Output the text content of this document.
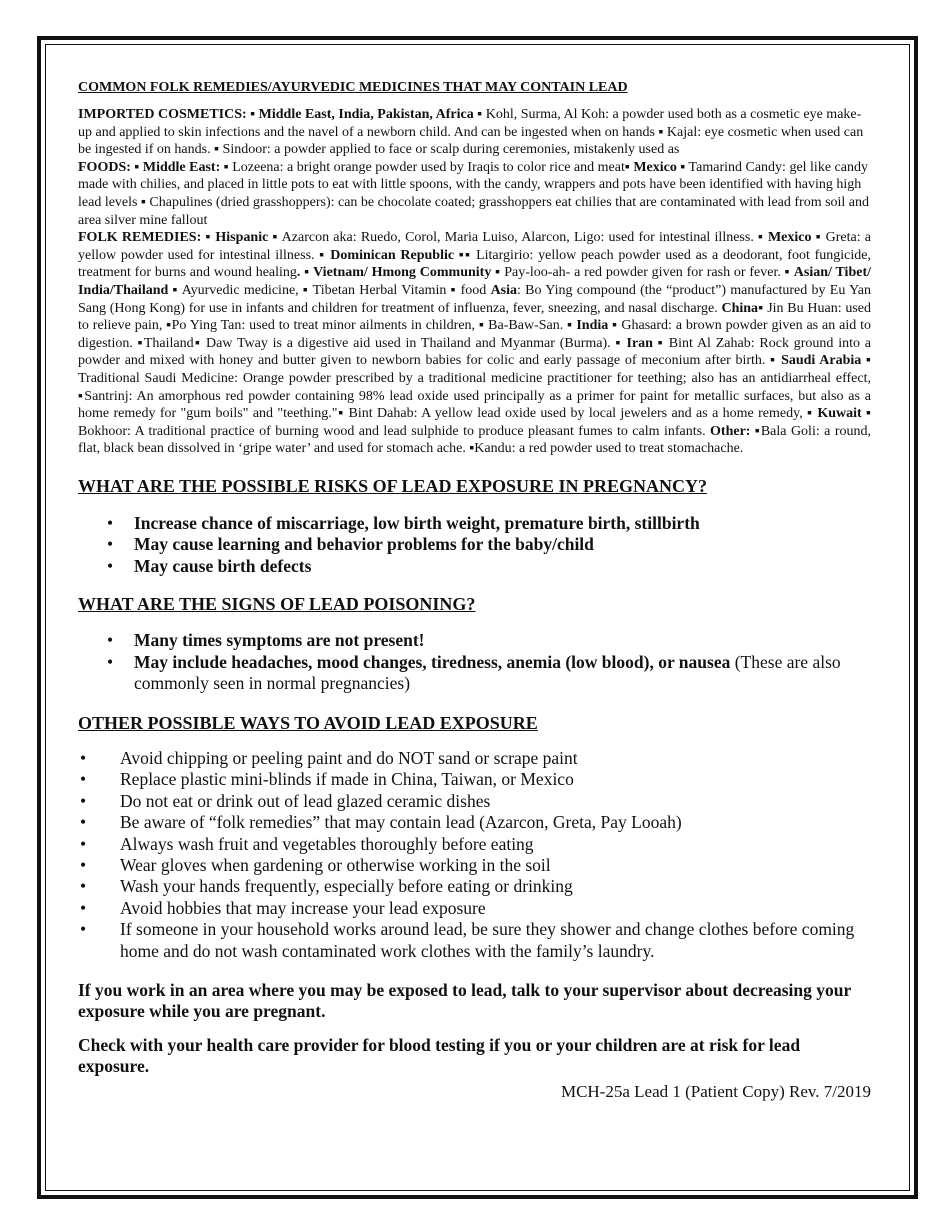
COMMON FOLK REMEDIES/AYURVEDIC MEDICINES THAT MAY CONTAIN LEAD

IMPORTED COSMETICS: ▪ Middle East, India, Pakistan, Africa ▪ Kohl, Surma, Al Koh: a powder used both as a cosmetic eye make-up and applied to skin infections and the navel of a newborn child. And can be ingested when on hands ▪ Kajal: eye cosmetic when used can be ingested if on hands. ▪ Sindoor: a powder applied to face or scalp during ceremonies, mistakenly used as

FOODS: ▪ Middle East: ▪ Lozeena: a bright orange powder used by Iraqis to color rice and meat▪ Mexico ▪ Tamarind Candy: gel like candy made with chilies, and placed in little pots to eat with little spoons, with the candy, wrappers and pots have been identified with having high lead levels ▪ Chapulines (dried grasshoppers): can be chocolate coated; grasshoppers eat chilies that are contaminated with lead from soil and area silver mine fallout

FOLK REMEDIES: ▪ Hispanic ▪ Azarcon aka: Ruedo, Corol, Maria Luiso, Alarcon, Ligo: used for intestinal illness. ▪ Mexico ▪ Greta: a yellow powder used for intestinal illness. ▪ Dominican Republic ▪▪ Litargirio: yellow peach powder used as a deodorant, foot fungicide, treatment for burns and wound healing. ▪ Vietnam/ Hmong Community ▪ Pay-loo-ah- a red powder given for rash or fever. ▪ Asian/ Tibet/ India/Thailand ▪ Ayurvedic medicine, ▪ Tibetan Herbal Vitamin ▪ food Asia: Bo Ying compound (the “product”) manufactured by Eu Yan Sang (Hong Kong) for use in infants and children for treatment of influenza, fever, sneezing, and nasal discharge. China▪ Jin Bu Huan: used to relieve pain, ▪Po Ying Tan: used to treat minor ailments in children, ▪ Ba-Baw-San. ▪ India ▪ Ghasard: a brown powder given as an aid to digestion. ▪Thailand▪ Daw Tway is a digestive aid used in Thailand and Myanmar (Burma). ▪ Iran ▪ Bint Al Zahab: Rock ground into a powder and mixed with honey and butter given to newborn babies for colic and early passage of meconium after birth. ▪ Saudi Arabia ▪ Traditional Saudi Medicine: Orange powder prescribed by a traditional medicine practitioner for teething; also has an antidiarrheal effect, ▪Santrinj: An amorphous red powder containing 98% lead oxide used principally as a primer for paint for metallic surfaces, but also as a home remedy for "gum boils" and "teething."▪ Bint Dahab: A yellow lead oxide used by local jewelers and as a home remedy, ▪ Kuwait ▪ Bokhoor: A traditional practice of burning wood and lead sulphide to produce pleasant fumes to calm infants. Other: ▪Bala Goli: a round, flat, black bean dissolved in ‘gripe water’ and used for stomach ache. ▪Kandu: a red powder used to treat stomachache.

WHAT ARE THE POSSIBLE RISKS OF LEAD EXPOSURE IN PREGNANCY?
• Increase chance of miscarriage, low birth weight, premature birth, stillbirth
• May cause learning and behavior problems for the baby/child
• May cause birth defects
WHAT ARE THE SIGNS OF LEAD POISONING?
• Many times symptoms are not present!
• May include headaches, mood changes, tiredness, anemia (low blood), or nausea (These are also commonly seen in normal pregnancies)
OTHER POSSIBLE WAYS TO AVOID LEAD EXPOSURE
• Avoid chipping or peeling paint and do NOT sand or scrape paint
• Replace plastic mini-blinds if made in China, Taiwan, or Mexico
• Do not eat or drink out of lead glazed ceramic dishes
• Be aware of “folk remedies” that may contain lead (Azarcon, Greta, Pay Looah)
• Always wash fruit and vegetables thoroughly before eating
• Wear gloves when gardening or otherwise working in the soil
• Wash your hands frequently, especially before eating or drinking
• Avoid hobbies that may increase your lead exposure
• If someone in your household works around lead, be sure they shower and change clothes before coming home and do not wash contaminated work clothes with the family’s laundry.

If you work in an area where you may be exposed to lead, talk to your supervisor about decreasing your exposure while you are pregnant.

Check with your health care provider for blood testing if you or your children are at risk for lead exposure.

MCH-25a Lead 1 (Patient Copy) Rev. 7/2019
